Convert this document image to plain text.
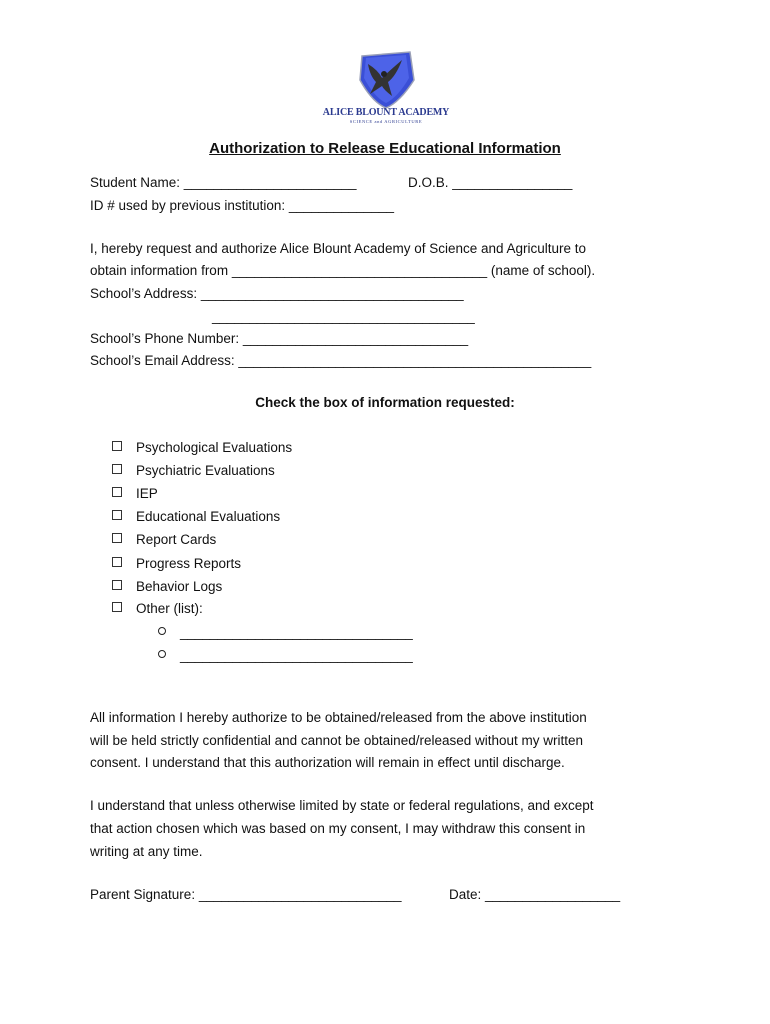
ALICE BLOUNT ACADEMY
SCIENCE and AGRICULTURE
Authorization to Release Educational Information
Student Name: _______________________	D.O.B. ________________
ID # used by previous institution: ______________
I, hereby request and authorize Alice Blount Academy of Science and Agriculture to
obtain information from __________________________________ (name of school).
School’s Address: ___________________________________
___________________________________
School’s Phone Number: ______________________________
School’s Email Address: _______________________________________________
Check the box of information requested:
Psychological Evaluations
Psychiatric Evaluations
IEP
Educational Evaluations
Report Cards
Progress Reports
Behavior Logs
Other (list):
_______________________________
_______________________________
All information I hereby authorize to be obtained/released from the above institution
will be held strictly confidential and cannot be obtained/released without my written
consent. I understand that this authorization will remain in effect until discharge.
I understand that unless otherwise limited by state or federal regulations, and except
that action chosen which was based on my consent, I may withdraw this consent in
writing at any time.
Parent Signature: ___________________________	Date: __________________
